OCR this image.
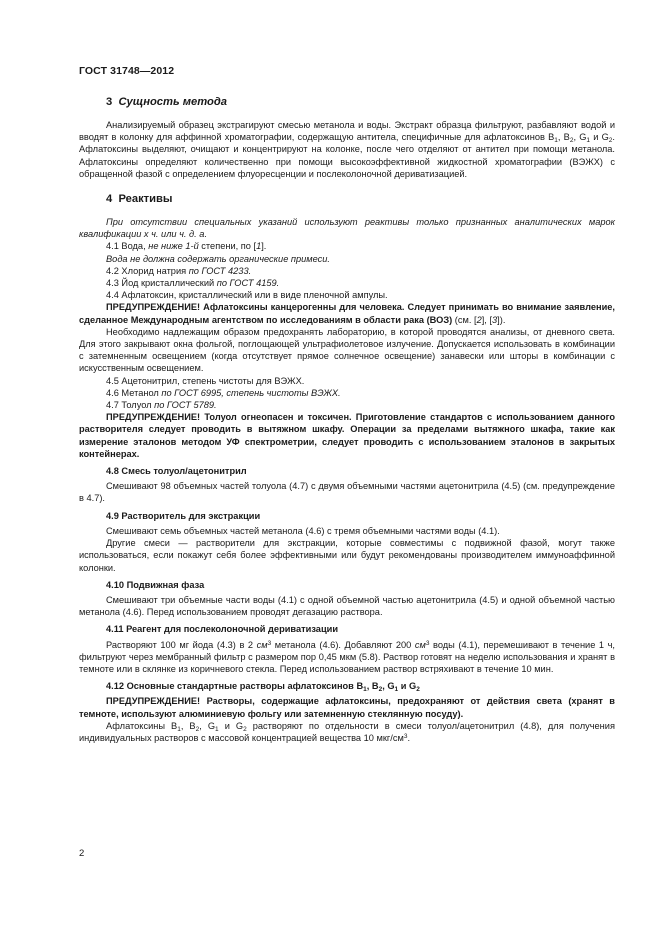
ГОСТ 31748—2012
3 Сущность метода

Анализируемый образец экстрагируют смесью метанола и воды. Экстракт образца фильтруют, разбавляют водой и вводят в колонку для аффинной хроматографии, содержащую антитела, специфичные для афлатоксинов $B_1$, $B_2$, $G_1$ и $G_2$. Афлатоксины выделяют, очищают и концентрируют на колонке, после чего отделяют от антител при помощи метанола. Афлатоксины определяют количественно при помощи высокоэффективной жидкостной хроматографии (ВЭЖХ) с обращенной фазой с определением флуоресценции и послеколоночной дериватизацией.

4 Реактивы

При отсутствии специальных указаний используют реактивы только признанных аналитических марок квалификации х ч. или ч. д. а.

4.1 Вода, не ниже 1-й степени, по [1].

Вода не должна содержать органические примеси.

4.2 Хлорид натрия по ГОСТ 4233.

4.3 Йод кристаллический по ГОСТ 4159.

4.4 Афлатоксин, кристаллический или в виде пленочной ампулы.

ПРЕДУПРЕЖДЕНИЕ! Афлатоксины канцерогенны для человека. Следует принимать во внимание заявление, сделанное Международным агентством по исследованиям в области рака (ВОЗ) (см. [2], [3]).

Необходимо надлежащим образом предохранять лабораторию, в которой проводятся анализы, от дневного света. Для этого закрывают окна фольгой, поглощающей ультрафиолетовое излучение. Допускается использовать в комбинации с затемненным освещением (когда отсутствует прямое солнечное освещение) занавески или шторы в комбинации с искусственным освещением.

4.5 Ацетонитрил, степень чистоты для ВЭЖХ.

4.6 Метанол по ГОСТ 6995, степень чистоты ВЭЖХ.

4.7 Толуол по ГОСТ 5789.

ПРЕДУПРЕЖДЕНИЕ! Толуол огнеопасен и токсичен. Приготовление стандартов с использованием данного растворителя следует проводить в вытяжном шкафу. Операции за пределами вытяжного шкафа, такие как измерение эталонов методом УФ спектрометрии, следует проводить с использованием эталонов в закрытых контейнерах.

4.8 Смесь толуол/ацетонитрил

Смешивают 98 объемных частей толуола (4.7) с двумя объемными частями ацетонитрила (4.5) (см. предупреждение в 4.7).

4.9 Растворитель для экстракции

Смешивают семь объемных частей метанола (4.6) с тремя объемными частями воды (4.1).

Другие смеси — растворители для экстракции, которые совместимы с подвижной фазой, могут также использоваться, если покажут себя более эффективными или будут рекомендованы производителем иммуноаффинной колонки.

4.10 Подвижная фаза

Смешивают три объемные части воды (4.1) с одной объемной частью ацетонитрила (4.5) и одной объемной частью метанола (4.6). Перед использованием проводят дегазацию раствора.

4.11 Реагент для послеколоночной дериватизации

Растворяют 100 мг йода (4.3) в 2 $см^3$ метанола (4.6). Добавляют 200 $см^3$ воды (4.1), перемешивают в течение 1 ч, фильтруют через мембранный фильтр с размером пор 0,45 мкм (5.8). Раствор готовят на неделю использования и хранят в темноте или в склянке из коричневого стекла. Перед использованием раствор встряхивают в течение 10 мин.

4.12 Основные стандартные растворы афлатоксинов $B_1$, $B_2$, $G_1$ и $G_2$

ПРЕДУПРЕЖДЕНИЕ! Растворы, содержащие афлатоксины, предохраняют от действия света (хранят в темноте, используют алюминиевую фольгу или затемненную стеклянную посуду).

Афлатоксины $B_1$, $B_2$, $G_1$ и $G_2$ растворяют по отдельности в смеси толуол/ацетонитрил (4.8), для получения индивидуальных растворов с массовой концентрацией вещества 10 мкг/$см^3$.

2
